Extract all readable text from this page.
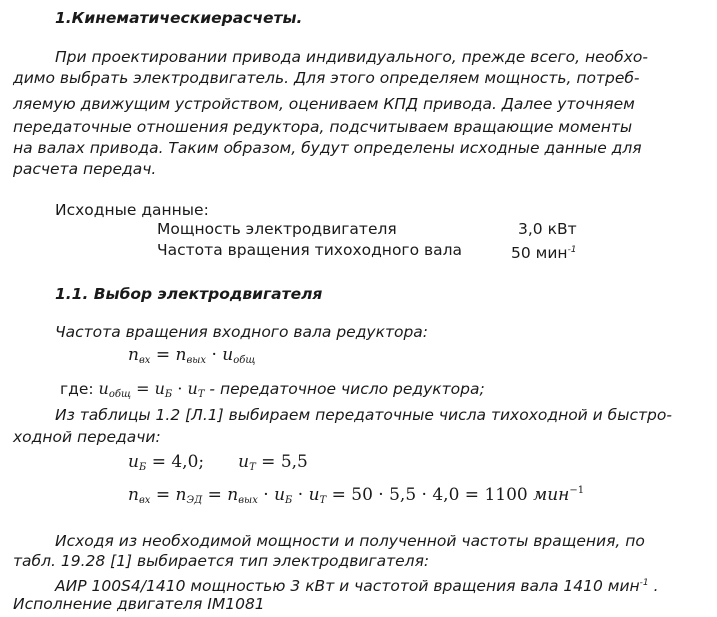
1.Кинематическиерасчеты.
При проектировании привода индивидуального, прежде всего, необхо-
димо выбрать электродвигатель. Для этого определяем мощность, потреб-
ляемую движущим устройством, оцениваем КПД привода. Далее уточняем
передаточные отношения редуктора, подсчитываем вращающие моменты
на валах привода. Таким образом, будут определены исходные данные для
расчета передач.
Исходные данные:
Мощность электродвигателя	3,0 кВт
Частота вращения тихоходного вала	50 мин$^{-1}$
1.1. Выбор электродвигателя
Частота вращения входного вала редуктора:
$n_{вх} = n_{вых} \cdot u_{общ}$
где: $u_{общ} = u_Б \cdot u_Т$ - передаточное число редуктора;
Из таблицы 1.2 [Л.1] выбираем передаточные числа тихоходной и быстро-
ходной передачи:
$u_Б = 4,0$; $u_T = 5,5$
$n_{вх} = n_{ЭД} = n_{вых} \cdot u_Б \cdot u_T = 50 \cdot 5,5 \cdot 4,0 = 1100$ мин$^{-1}$
Исходя из необходимой мощности и полученной частоты вращения, по
табл. 19.28 [1] выбирается тип электродвигателя:
АИР 100S4/1410 мощностью 3 кВт и частотой вращения вала 1410 мин$^{-1}$ .
Исполнение двигателя IM1081
